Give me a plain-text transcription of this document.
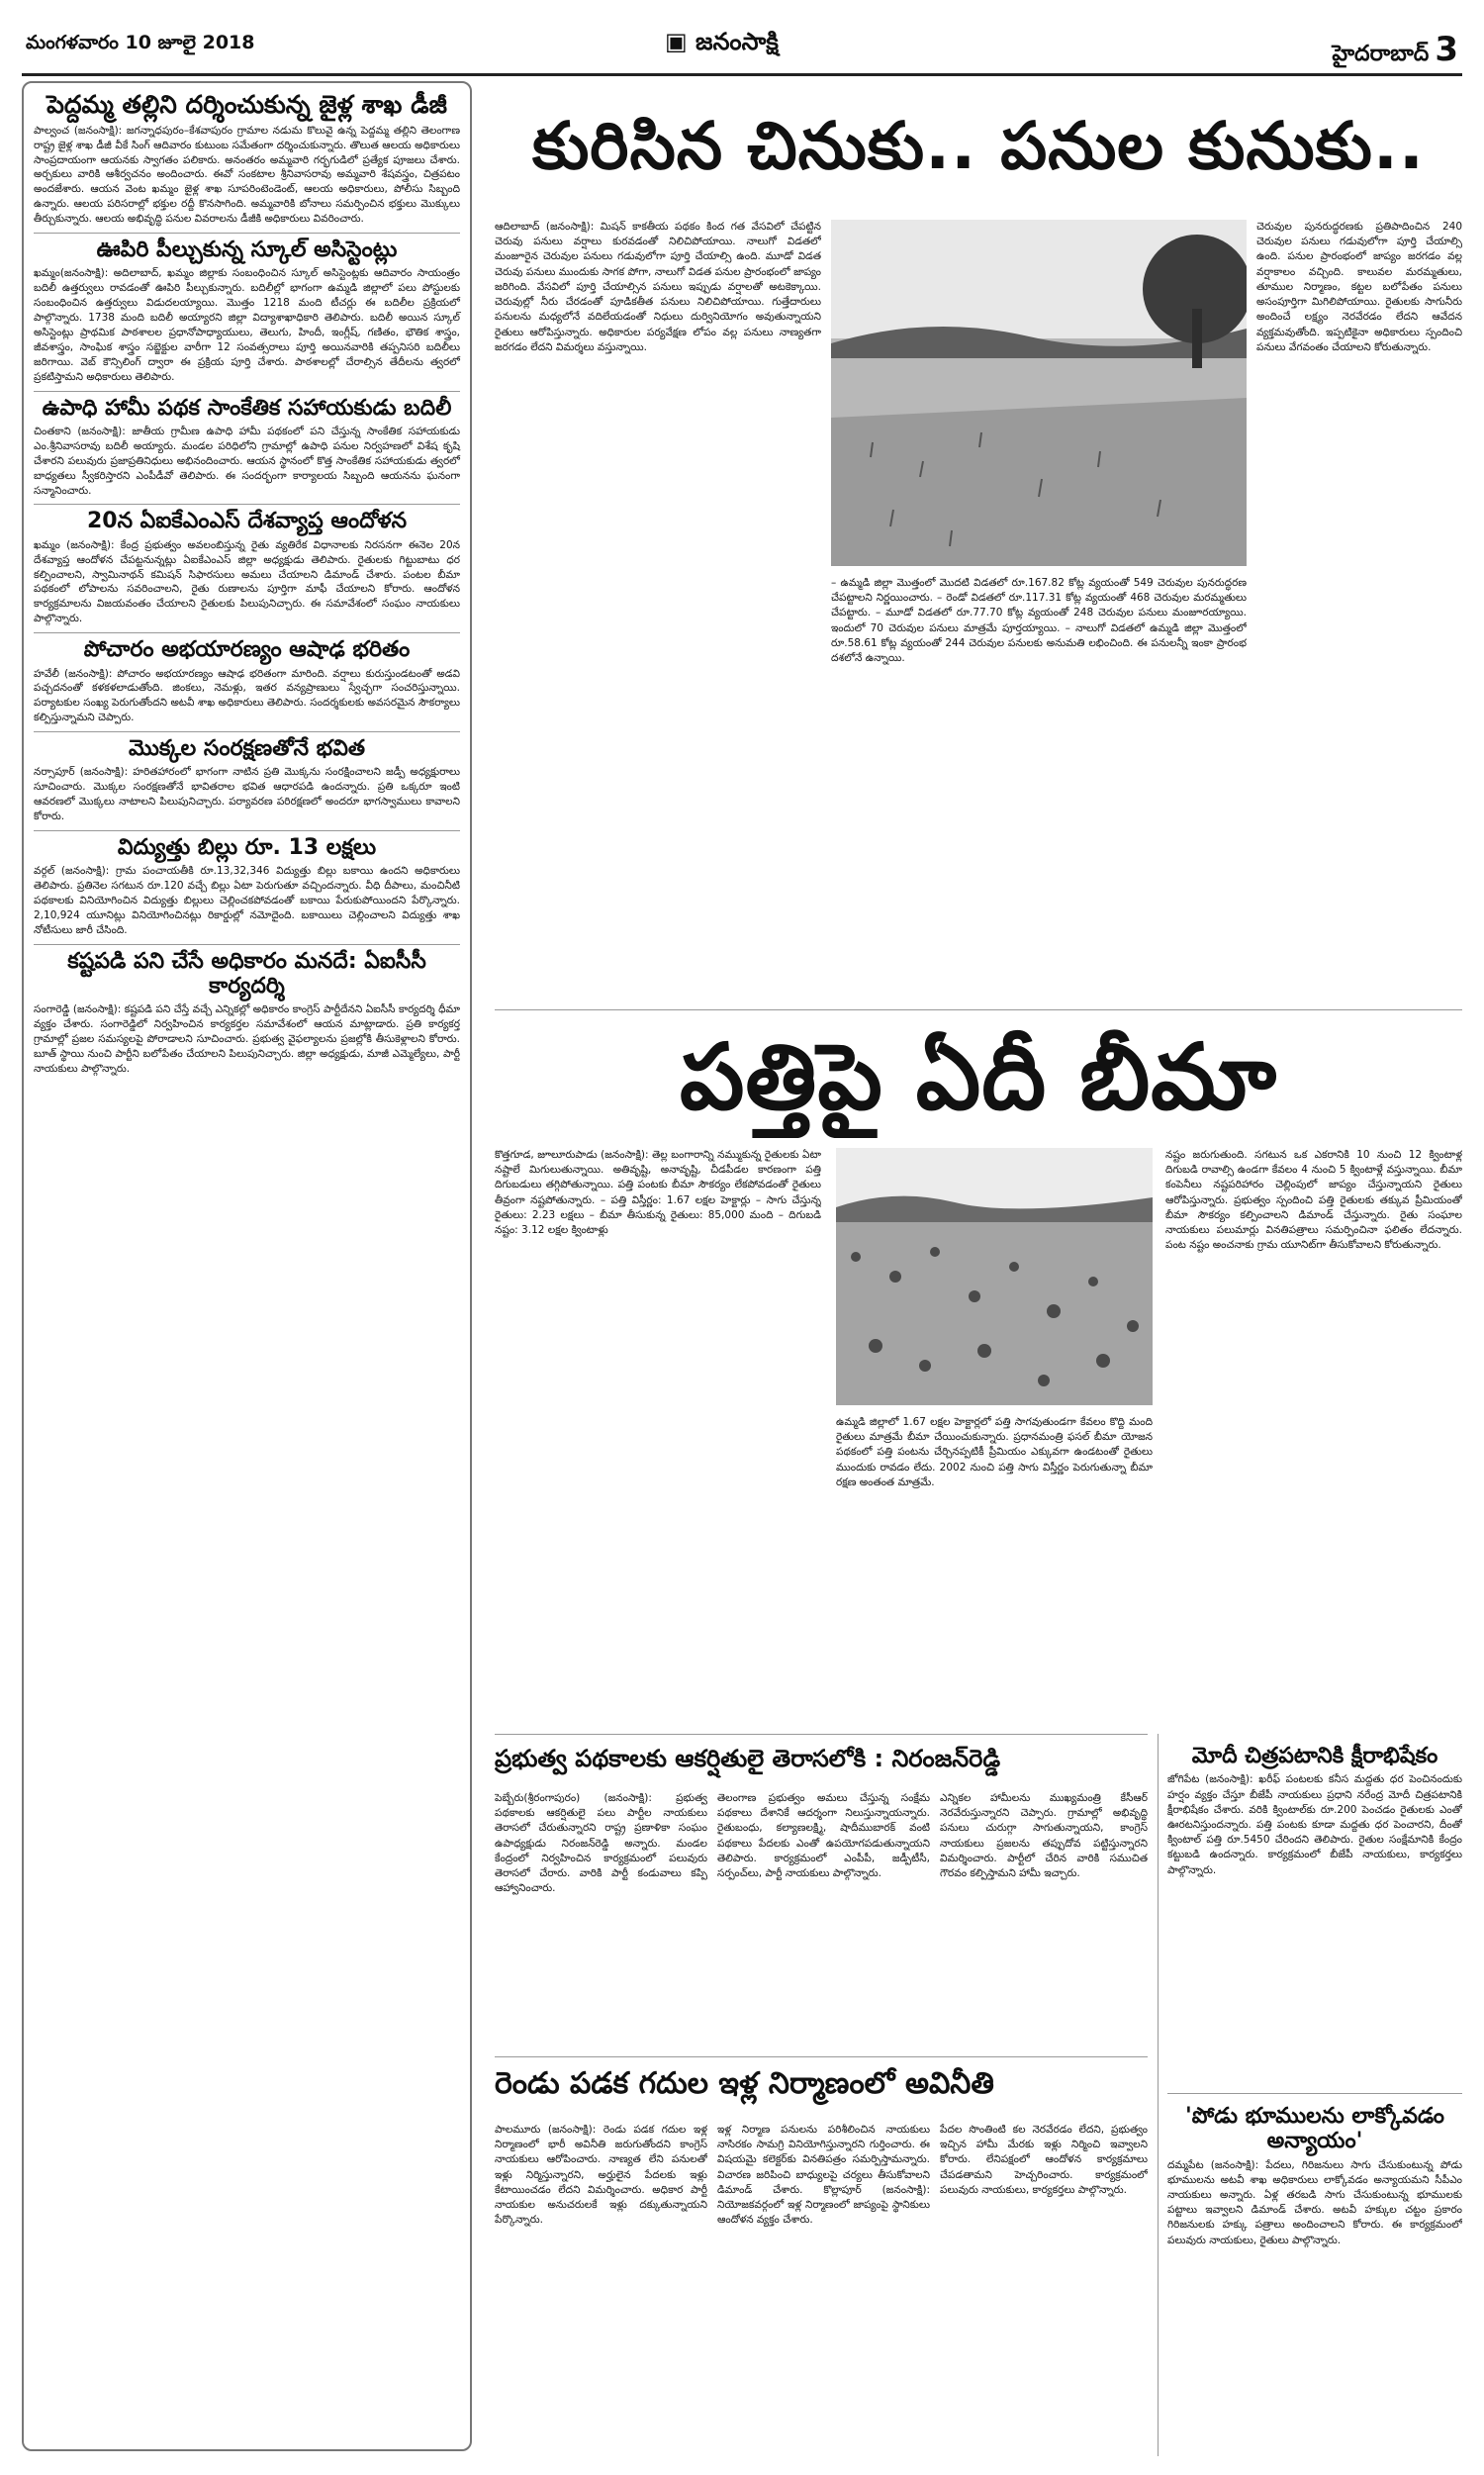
మంగళవారం 10 జూలై 2018	▣ జనంసాక్షి	హైదరాబాద్ 3
పెద్దమ్మ తల్లిని దర్శించుకున్న జైళ్ల శాఖ డీజీ

పాల్వంచ (జనంసాక్షి): జగన్నాధపురం–కేశవాపురం గ్రామాల నడుమ కొలువై ఉన్న పెద్దమ్మ తల్లిని తెలంగాణ రాష్ట్ర జైళ్ల శాఖ డీజీ వీకే సింగ్ ఆదివారం కుటుంబ సమేతంగా దర్శించుకున్నారు. తొలుత ఆలయ అధికారులు సాంప్రదాయంగా ఆయనకు స్వాగతం పలికారు. అనంతరం అమ్మవారి గర్భగుడిలో ప్రత్యేక పూజలు చేశారు. అర్చకులు వారికి ఆశీర్వచనం అందించారు. ఈవో సంకటాల శ్రీనివాసరావు అమ్మవారి శేషవస్త్రం, చిత్రపటం అందజేశారు. ఆయన వెంట ఖమ్మం జైళ్ల శాఖ సూపరింటెండెంట్, ఆలయ అధికారులు, పోలీసు సిబ్బంది ఉన్నారు. ఆలయ పరిసరాల్లో భక్తుల రద్దీ కొనసాగింది. అమ్మవారికి బోనాలు సమర్పించిన భక్తులు మొక్కులు తీర్చుకున్నారు. ఆలయ అభివృద్ధి పనుల వివరాలను డీజీకి అధికారులు వివరించారు.

ఊపిరి పీల్చుకున్న స్కూల్ అసిస్టెంట్లు

ఖమ్మం(జనంసాక్షి): అదిలాబాద్, ఖమ్మం జిల్లాకు సంబంధించిన స్కూల్ అసిస్టెంట్లకు ఆదివారం సాయంత్రం బదిలీ ఉత్తర్వులు రావడంతో ఊపిరి పీల్చుకున్నారు. బదిలీల్లో భాగంగా ఉమ్మడి జిల్లాలో పలు పోస్టులకు సంబంధించిన ఉత్తర్వులు విడుదలయ్యాయి. మొత్తం 1218 మంది టీచర్లు ఈ బదిలీల ప్రక్రియలో పాల్గొన్నారు. 1738 మంది బదిలీ అయ్యారని జిల్లా విద్యాశాఖాధికారి తెలిపారు. బదిలీ అయిన స్కూల్ అసిస్టెంట్లు ప్రాథమిక పాఠశాలల ప్రధానోపాధ్యాయులు, తెలుగు, హిందీ, ఇంగ్లీష్, గణితం, భౌతిక శాస్త్రం, జీవశాస్త్రం, సాంఘిక శాస్త్రం సబ్జెక్టుల వారీగా 12 సంవత్సరాలు పూర్తి అయినవారికి తప్పనిసరి బదిలీలు జరిగాయి. వెబ్ కౌన్సిలింగ్ ద్వారా ఈ ప్రక్రియ పూర్తి చేశారు. పాఠశాలల్లో చేరాల్సిన తేదీలను త్వరలో ప్రకటిస్తామని అధికారులు తెలిపారు.

ఉపాధి హామీ పథక సాంకేతిక సహాయకుడు బదిలీ

చింతకాని (జనంసాక్షి): జాతీయ గ్రామీణ ఉపాధి హామీ పథకంలో పని చేస్తున్న సాంకేతిక సహాయకుడు ఎం.శ్రీనివాసరావు బదిలీ అయ్యారు. మండల పరిధిలోని గ్రామాల్లో ఉపాధి పనుల నిర్వహణలో విశేష కృషి చేశారని పలువురు ప్రజాప్రతినిధులు అభినందించారు. ఆయన స్థానంలో కొత్త సాంకేతిక సహాయకుడు త్వరలో బాధ్యతలు స్వీకరిస్తారని ఎంపీడీవో తెలిపారు. ఈ సందర్భంగా కార్యాలయ సిబ్బంది ఆయనను ఘనంగా సన్మానించారు.

20న ఏఐకేఎంఎస్ దేశవ్యాప్త ఆందోళన

ఖమ్మం (జనంసాక్షి): కేంద్ర ప్రభుత్వం అవలంబిస్తున్న రైతు వ్యతిరేక విధానాలకు నిరసనగా ఈనెల 20న దేశవ్యాప్త ఆందోళన చేపట్టనున్నట్లు ఏఐకేఎంఎస్ జిల్లా అధ్యక్షుడు తెలిపారు. రైతులకు గిట్టుబాటు ధర కల్పించాలని, స్వామినాథన్ కమిషన్ సిఫారసులు అమలు చేయాలని డిమాండ్ చేశారు. పంటల బీమా పథకంలో లోపాలను సవరించాలని, రైతు రుణాలను పూర్తిగా మాఫీ చేయాలని కోరారు. ఆందోళన కార్యక్రమాలను విజయవంతం చేయాలని రైతులకు పిలుపునిచ్చారు. ఈ సమావేశంలో సంఘం నాయకులు పాల్గొన్నారు.

పోచారం అభయారణ్యం ఆషాఢ భరితం

హవేలీ (జనంసాక్షి): పోచారం అభయారణ్యం ఆషాఢ భరితంగా మారింది. వర్షాలు కురుస్తుండటంతో అడవి పచ్చదనంతో కళకళలాడుతోంది. జింకలు, నెమళ్లు, ఇతర వన్యప్రాణులు స్వేచ్ఛగా సంచరిస్తున్నాయి. పర్యాటకుల సంఖ్య పెరుగుతోందని అటవీ శాఖ అధికారులు తెలిపారు. సందర్శకులకు అవసరమైన సౌకర్యాలు కల్పిస్తున్నామని చెప్పారు.

మొక్కల సంరక్షణతోనే భవిత

నర్సాపూర్ (జనంసాక్షి): హరితహారంలో భాగంగా నాటిన ప్రతి మొక్కను సంరక్షించాలని జడ్పీ అధ్యక్షురాలు సూచించారు. మొక్కల సంరక్షణతోనే భావితరాల భవిత ఆధారపడి ఉందన్నారు. ప్రతి ఒక్కరూ ఇంటి ఆవరణలో మొక్కలు నాటాలని పిలుపునిచ్చారు. పర్యావరణ పరిరక్షణలో అందరూ భాగస్వాములు కావాలని కోరారు.

విద్యుత్తు బిల్లు రూ. 13 లక్షలు

వర్గల్ (జనంసాక్షి): గ్రామ పంచాయతీకి రూ.13,32,346 విద్యుత్తు బిల్లు బకాయి ఉందని అధికారులు తెలిపారు. ప్రతినెల సగటున రూ.120 వచ్చే బిల్లు ఏటా పెరుగుతూ వచ్చిందన్నారు. వీధి దీపాలు, మంచినీటి పథకాలకు వినియోగించిన విద్యుత్తు బిల్లులు చెల్లించకపోవడంతో బకాయి పేరుకుపోయిందని పేర్కొన్నారు. 2,10,924 యూనిట్లు వినియోగించినట్లు రికార్డుల్లో నమోదైంది. బకాయిలు చెల్లించాలని విద్యుత్తు శాఖ నోటీసులు జారీ చేసింది.

కష్టపడి పని చేసే అధికారం మనదే: ఏఐసీసీ కార్యదర్శి

సంగారెడ్డి (జనంసాక్షి): కష్టపడి పని చేస్తే వచ్చే ఎన్నికల్లో అధికారం కాంగ్రెస్ పార్టీదేనని ఏఐసీసీ కార్యదర్శి ధీమా వ్యక్తం చేశారు. సంగారెడ్డిలో నిర్వహించిన కార్యకర్తల సమావేశంలో ఆయన మాట్లాడారు. ప్రతి కార్యకర్త గ్రామాల్లో ప్రజల సమస్యలపై పోరాడాలని సూచించారు. ప్రభుత్వ వైఫల్యాలను ప్రజల్లోకి తీసుకెళ్లాలని కోరారు. బూత్ స్థాయి నుంచి పార్టీని బలోపేతం చేయాలని పిలుపునిచ్చారు. జిల్లా అధ్యక్షుడు, మాజీ ఎమ్మెల్యేలు, పార్టీ నాయకులు పాల్గొన్నారు.

కురిసిన చినుకు.. పనుల కునుకు..
ఆదిలాబాద్ (జనంసాక్షి): మిషన్ కాకతీయ పథకం కింద గత వేసవిలో చేపట్టిన చెరువు పనులు వర్షాలు కురవడంతో నిలిచిపోయాయి. నాలుగో విడతలో మంజూరైన చెరువుల పనులు గడువులోగా పూర్తి చేయాల్సి ఉంది. మూడో విడత చెరువు పనులు ముందుకు సాగక పోగా, నాలుగో విడత పనుల ప్రారంభంలో జాప్యం జరిగింది. వేసవిలో పూర్తి చేయాల్సిన పనులు ఇప్పుడు వర్షాలతో అటకెక్కాయి. చెరువుల్లో నీరు చేరడంతో పూడికతీత పనులు నిలిచిపోయాయి. గుత్తేదారులు పనులను మధ్యలోనే వదిలేయడంతో నిధులు దుర్వినియోగం అవుతున్నాయని రైతులు ఆరోపిస్తున్నారు. అధికారుల పర్యవేక్షణ లోపం వల్ల పనులు నాణ్యతగా జరగడం లేదని విమర్శలు వస్తున్నాయి.
– ఉమ్మడి జిల్లా మొత్తంలో మొదటి విడతలో రూ.167.82 కోట్ల వ్యయంతో 549 చెరువుల పునరుద్ధరణ చేపట్టాలని నిర్ణయించారు. – రెండో విడతలో రూ.117.31 కోట్ల వ్యయంతో 468 చెరువుల మరమ్మతులు చేపట్టారు. – మూడో విడతలో రూ.77.70 కోట్ల వ్యయంతో 248 చెరువుల పనులు మంజూరయ్యాయి. ఇందులో 70 చెరువుల పనులు మాత్రమే పూర్తయ్యాయి. – నాలుగో విడతలో ఉమ్మడి జిల్లా మొత్తంలో రూ.58.61 కోట్ల వ్యయంతో 244 చెరువుల పనులకు అనుమతి లభించింది. ఈ పనులన్నీ ఇంకా ప్రారంభ దశలోనే ఉన్నాయి.
చెరువుల పునరుద్ధరణకు ప్రతిపాదించిన 240 చెరువుల పనులు గడువులోగా పూర్తి చేయాల్సి ఉంది. పనుల ప్రారంభంలో జాప్యం జరగడం వల్ల వర్షాకాలం వచ్చింది. కాలువల మరమ్మతులు, తూముల నిర్మాణం, కట్టల బలోపేతం పనులు అసంపూర్తిగా మిగిలిపోయాయి. రైతులకు సాగునీరు అందించే లక్ష్యం నెరవేరడం లేదని ఆవేదన వ్యక్తమవుతోంది. ఇప్పటికైనా అధికారులు స్పందించి పనులు వేగవంతం చేయాలని కోరుతున్నారు.
పత్తిపై ఏదీ బీమా
కొత్తగూడ, జూలూరుపాడు (జనంసాక్షి): తెల్ల బంగారాన్ని నమ్ముకున్న రైతులకు ఏటా నష్టాలే మిగులుతున్నాయి. అతివృష్టి, అనావృష్టి, చీడపీడల కారణంగా పత్తి దిగుబడులు తగ్గిపోతున్నాయి. పత్తి పంటకు బీమా సౌకర్యం లేకపోవడంతో రైతులు తీవ్రంగా నష్టపోతున్నారు. – పత్తి విస్తీర్ణం: 1.67 లక్షల హెక్టార్లు – సాగు చేస్తున్న రైతులు: 2.23 లక్షలు – బీమా తీసుకున్న రైతులు: 85,000 మంది – దిగుబడి నష్టం: 3.12 లక్షల క్వింటాళ్లు
ఉమ్మడి జిల్లాలో 1.67 లక్షల హెక్టార్లలో పత్తి సాగవుతుండగా కేవలం కొద్ది మంది రైతులు మాత్రమే బీమా చేయించుకున్నారు. ప్రధానమంత్రి ఫసల్ బీమా యోజన పథకంలో పత్తి పంటను చేర్చినప్పటికీ ప్రీమియం ఎక్కువగా ఉండటంతో రైతులు ముందుకు రావడం లేదు. 2002 నుంచి పత్తి సాగు విస్తీర్ణం పెరుగుతున్నా బీమా రక్షణ అంతంత మాత్రమే.
నష్టం జరుగుతుంది. సగటున ఒక ఎకరానికి 10 నుంచి 12 క్వింటాళ్ల దిగుబడి రావాల్సి ఉండగా కేవలం 4 నుంచి 5 క్వింటాళ్లే వస్తున్నాయి. బీమా కంపెనీలు నష్టపరిహారం చెల్లింపులో జాప్యం చేస్తున్నాయని రైతులు ఆరోపిస్తున్నారు. ప్రభుత్వం స్పందించి పత్తి రైతులకు తక్కువ ప్రీమియంతో బీమా సౌకర్యం కల్పించాలని డిమాండ్ చేస్తున్నారు. రైతు సంఘాల నాయకులు పలుమార్లు వినతిపత్రాలు సమర్పించినా ఫలితం లేదన్నారు. పంట నష్టం అంచనాకు గ్రామ యూనిట్‌గా తీసుకోవాలని కోరుతున్నారు.
ప్రభుత్వ పథకాలకు ఆకర్షితులై తెరాసలోకి : నిరంజన్‌రెడ్డి
పెబ్బేరు(శ్రీరంగాపురం) (జనంసాక్షి): ప్రభుత్వ పథకాలకు ఆకర్షితులై పలు పార్టీల నాయకులు తెరాసలో చేరుతున్నారని రాష్ట్ర ప్రణాళికా సంఘం ఉపాధ్యక్షుడు నిరంజన్‌రెడ్డి అన్నారు. మండల కేంద్రంలో నిర్వహించిన కార్యక్రమంలో పలువురు తెరాసలో చేరారు. వారికి పార్టీ కండువాలు కప్పి ఆహ్వానించారు.
తెలంగాణ ప్రభుత్వం అమలు చేస్తున్న సంక్షేమ పథకాలు దేశానికే ఆదర్శంగా నిలుస్తున్నాయన్నారు. రైతుబంధు, కల్యాణలక్ష్మి, షాదీముబారక్ వంటి పథకాలు పేదలకు ఎంతో ఉపయోగపడుతున్నాయని తెలిపారు. కార్యక్రమంలో ఎంపీపీ, జడ్పీటీసీ, సర్పంచ్‌లు, పార్టీ నాయకులు పాల్గొన్నారు.
ఎన్నికల హామీలను ముఖ్యమంత్రి కేసీఆర్ నెరవేరుస్తున్నారని చెప్పారు. గ్రామాల్లో అభివృద్ధి పనులు చురుగ్గా సాగుతున్నాయని, కాంగ్రెస్ నాయకులు ప్రజలను తప్పుదోవ పట్టిస్తున్నారని విమర్శించారు. పార్టీలో చేరిన వారికి సముచిత గౌరవం కల్పిస్తామని హామీ ఇచ్చారు.
రెండు పడక గదుల ఇళ్ల నిర్మాణంలో అవినీతి
పాలమూరు (జనంసాక్షి): రెండు పడక గదుల ఇళ్ల నిర్మాణంలో భారీ అవినీతి జరుగుతోందని కాంగ్రెస్ నాయకులు ఆరోపించారు. నాణ్యత లేని పనులతో ఇళ్లు నిర్మిస్తున్నారని, అర్హులైన పేదలకు ఇళ్లు కేటాయించడం లేదని విమర్శించారు. అధికార పార్టీ నాయకుల అనుచరులకే ఇళ్లు దక్కుతున్నాయని పేర్కొన్నారు.
ఇళ్ల నిర్మాణ పనులను పరిశీలించిన నాయకులు నాసిరకం సామగ్రి వినియోగిస్తున్నారని గుర్తించారు. ఈ విషయమై కలెక్టర్‌కు వినతిపత్రం సమర్పిస్తామన్నారు. విచారణ జరిపించి బాధ్యులపై చర్యలు తీసుకోవాలని డిమాండ్ చేశారు. కొల్లాపూర్ (జనంసాక్షి): నియోజకవర్గంలో ఇళ్ల నిర్మాణంలో జాప్యంపై స్థానికులు ఆందోళన వ్యక్తం చేశారు.
పేదల సొంతింటి కల నెరవేరడం లేదని, ప్రభుత్వం ఇచ్చిన హామీ మేరకు ఇళ్లు నిర్మించి ఇవ్వాలని కోరారు. లేనిపక్షంలో ఆందోళన కార్యక్రమాలు చేపడతామని హెచ్చరించారు. కార్యక్రమంలో పలువురు నాయకులు, కార్యకర్తలు పాల్గొన్నారు.
మోదీ చిత్రపటానికి క్షీరాభిషేకం
జోగిపేట (జనంసాక్షి): ఖరీఫ్ పంటలకు కనీస మద్దతు ధర పెంచినందుకు హర్షం వ్యక్తం చేస్తూ బీజేపీ నాయకులు ప్రధాని నరేంద్ర మోదీ చిత్రపటానికి క్షీరాభిషేకం చేశారు. వరికి క్వింటాల్‌కు రూ.200 పెంచడం రైతులకు ఎంతో ఊరటనిస్తుందన్నారు. పత్తి పంటకు కూడా మద్దతు ధర పెంచారని, దీంతో క్వింటాల్ పత్తి రూ.5450 చేరిందని తెలిపారు. రైతుల సంక్షేమానికి కేంద్రం కట్టుబడి ఉందన్నారు. కార్యక్రమంలో బీజేపీ నాయకులు, కార్యకర్తలు పాల్గొన్నారు.
'పోడు భూములను లాక్కోవడం అన్యాయం'
దమ్మపేట (జనంసాక్షి): పేదలు, గిరిజనులు సాగు చేసుకుంటున్న పోడు భూములను అటవీ శాఖ అధికారులు లాక్కోవడం అన్యాయమని సీపీఎం నాయకులు అన్నారు. ఏళ్ల తరబడి సాగు చేసుకుంటున్న భూములకు పట్టాలు ఇవ్వాలని డిమాండ్ చేశారు. అటవీ హక్కుల చట్టం ప్రకారం గిరిజనులకు హక్కు పత్రాలు అందించాలని కోరారు. ఈ కార్యక్రమంలో పలువురు నాయకులు, రైతులు పాల్గొన్నారు.
